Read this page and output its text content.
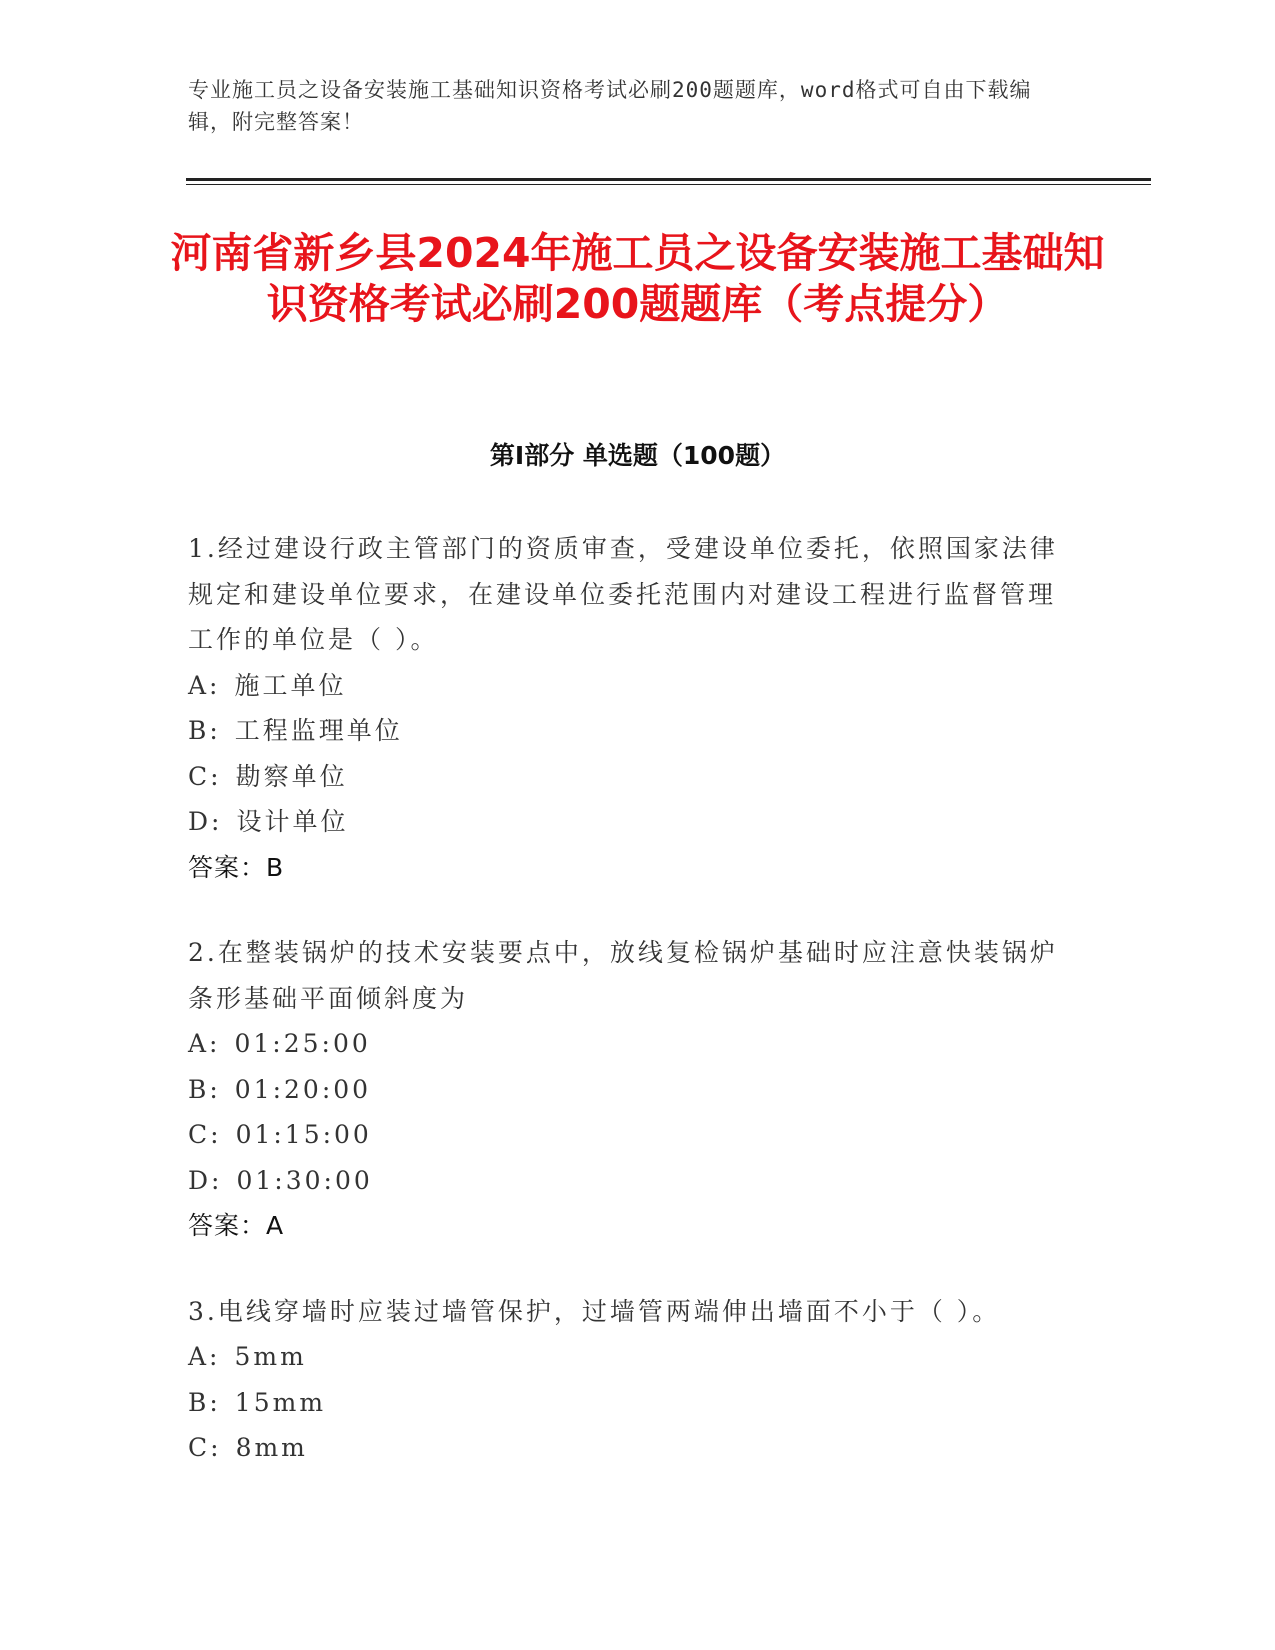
专业施工员之设备安装施工基础知识资格考试必刷200题题库，word格式可自由下载编辑，附完整答案！
河南省新乡县2024年施工员之设备安装施工基础知识资格考试必刷200题题库（考点提分）
第I部分 单选题（100题）
1.经过建设行政主管部门的资质审查，受建设单位委托，依照国家法律规定和建设单位要求，在建设单位委托范围内对建设工程进行监督管理工作的单位是（ ）。
A: 施工单位
B: 工程监理单位
C: 勘察单位
D: 设计单位
答案：B
2.在整装锅炉的技术安装要点中，放线复检锅炉基础时应注意快装锅炉条形基础平面倾斜度为
A: 01:25:00
B: 01:20:00
C: 01:15:00
D: 01:30:00
答案：A
3.电线穿墙时应装过墙管保护，过墙管两端伸出墙面不小于（ ）。
A: 5mm
B: 15mm
C: 8mm
